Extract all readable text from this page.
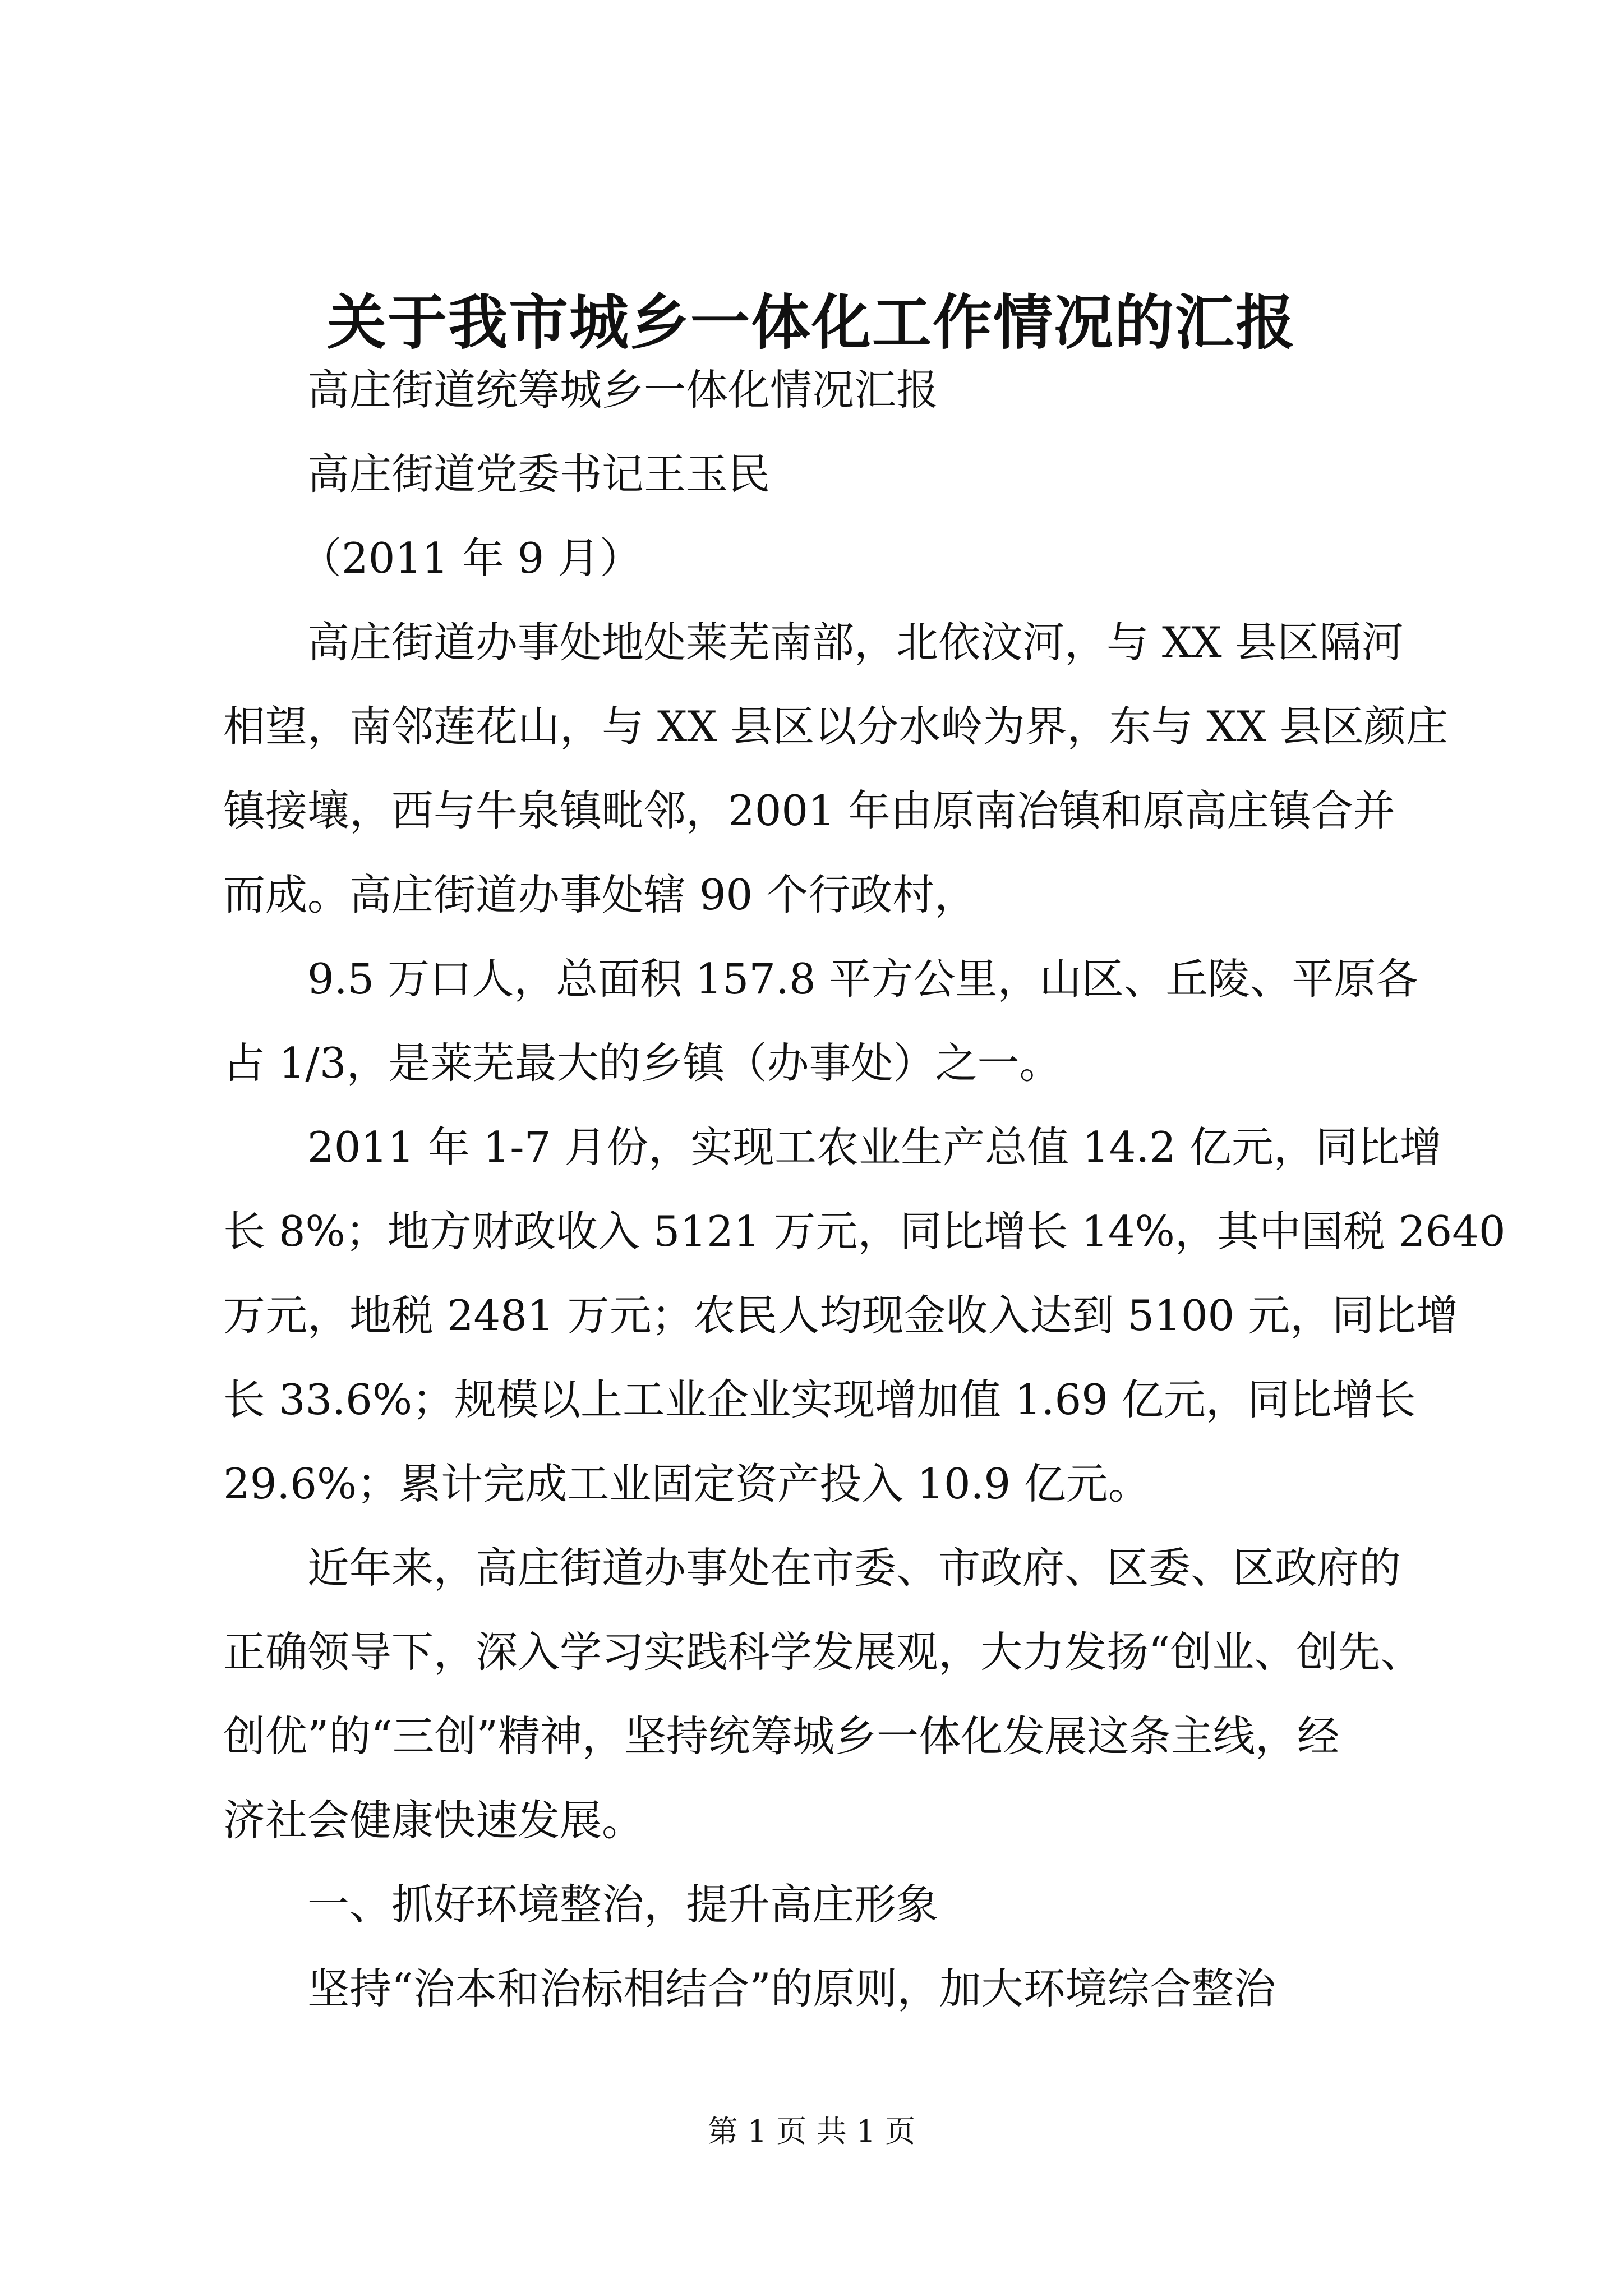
关于我市城乡一体化工作情况的汇报
高庄街道统筹城乡一体化情况汇报
高庄街道党委书记王玉民
（2011 年 9 月）
高庄街道办事处地处莱芜南部，北依汶河，与 XX 县区隔河
相望，南邻莲花山，与 XX 县区以分水岭为界，东与 XX 县区颜庄
镇接壤，西与牛泉镇毗邻，2001 年由原南冶镇和原高庄镇合并
而成。高庄街道办事处辖 90 个行政村，
9.5 万口人，总面积 157.8 平方公里，山区、丘陵、平原各
占 1/3，是莱芜最大的乡镇（办事处）之一。
2011 年 1-7 月份，实现工农业生产总值 14.2 亿元，同比增
长 8%；地方财政收入 5121 万元，同比增长 14%，其中国税 2640
万元，地税 2481 万元；农民人均现金收入达到 5100 元，同比增
长 33.6%；规模以上工业企业实现增加值 1.69 亿元，同比增长
29.6%；累计完成工业固定资产投入 10.9 亿元。
近年来，高庄街道办事处在市委、市政府、区委、区政府的
正确领导下，深入学习实践科学发展观，大力发扬“创业、创先、
创优”的“三创”精神，坚持统筹城乡一体化发展这条主线，经
济社会健康快速发展。
一、抓好环境整治，提升高庄形象
坚持“治本和治标相结合”的原则，加大环境综合整治
第 1 页 共 1 页
